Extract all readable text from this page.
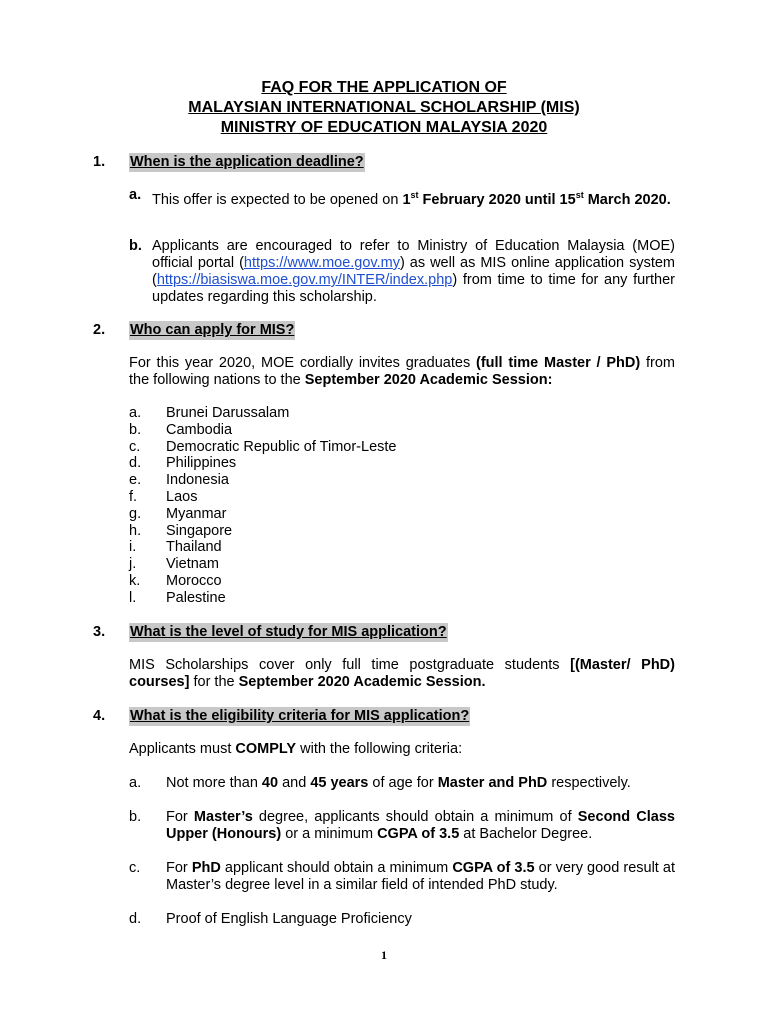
FAQ FOR THE APPLICATION OF
MALAYSIAN INTERNATIONAL SCHOLARSHIP (MIS)
MINISTRY OF EDUCATION MALAYSIA 2020
1. When is the application deadline?
a. This offer is expected to be opened on 1st February 2020 until 15st March 2020.
b. Applicants are encouraged to refer to Ministry of Education Malaysia (MOE) official portal (https://www.moe.gov.my) as well as MIS online application system (https://biasiswa.moe.gov.my/INTER/index.php) from time to time for any further updates regarding this scholarship.
2. Who can apply for MIS?
For this year 2020, MOE cordially invites graduates (full time Master / PhD) from the following nations to the September 2020 Academic Session:
a. Brunei Darussalam
b. Cambodia
c. Democratic Republic of Timor-Leste
d. Philippines
e. Indonesia
f. Laos
g. Myanmar
h. Singapore
i. Thailand
j. Vietnam
k. Morocco
l. Palestine
3. What is the level of study for MIS application?
MIS Scholarships cover only full time postgraduate students [(Master/ PhD) courses] for the September 2020 Academic Session.
4. What is the eligibility criteria for MIS application?
Applicants must COMPLY with the following criteria:
a. Not more than 40 and 45 years of age for Master and PhD respectively.
b. For Master’s degree, applicants should obtain a minimum of Second Class Upper (Honours) or a minimum CGPA of 3.5 at Bachelor Degree.
c. For PhD applicant should obtain a minimum CGPA of 3.5 or very good result at Master’s degree level in a similar field of intended PhD study.
d. Proof of English Language Proficiency
1
